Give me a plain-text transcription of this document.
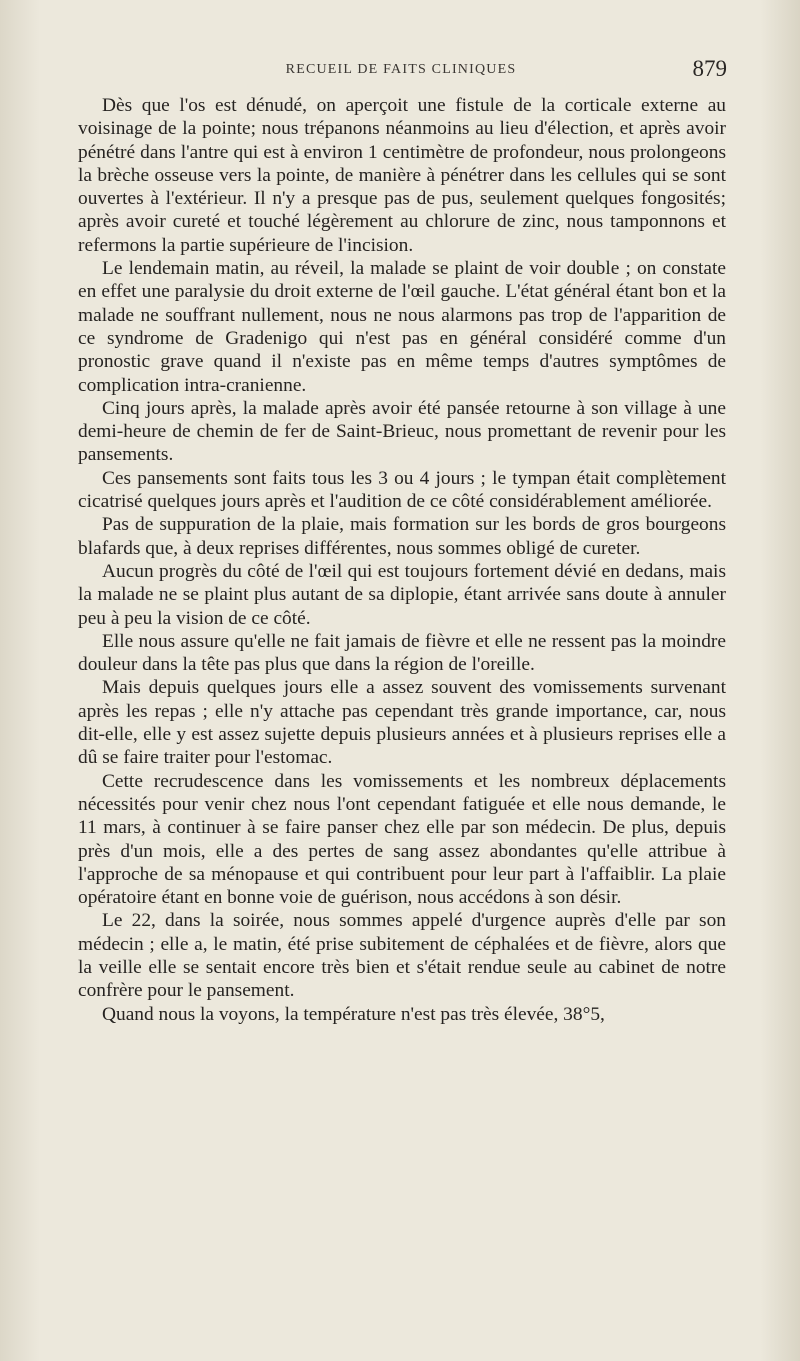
RECUEIL DE FAITS CLINIQUES	879

Dès que l'os est dénudé, on aperçoit une fistule de la corticale externe au voisinage de la pointe; nous trépanons néanmoins au lieu d'élection, et après avoir pénétré dans l'antre qui est à environ 1 centimètre de profondeur, nous prolongeons la brèche osseuse vers la pointe, de manière à pénétrer dans les cellules qui se sont ouvertes à l'extérieur. Il n'y a presque pas de pus, seulement quelques fongosités; après avoir cureté et touché légèrement au chlorure de zinc, nous tamponnons et refermons la partie supérieure de l'incision.

Le lendemain matin, au réveil, la malade se plaint de voir double ; on constate en effet une paralysie du droit externe de l'œil gauche. L'état général étant bon et la malade ne souffrant nullement, nous ne nous alarmons pas trop de l'apparition de ce syndrome de Gradenigo qui n'est pas en général considéré comme d'un pronostic grave quand il n'existe pas en même temps d'autres symptômes de complication intra-cranienne.

Cinq jours après, la malade après avoir été pansée retourne à son village à une demi-heure de chemin de fer de Saint-Brieuc, nous promettant de revenir pour les pansements.

Ces pansements sont faits tous les 3 ou 4 jours ; le tympan était complètement cicatrisé quelques jours après et l'audition de ce côté considérablement améliorée.

Pas de suppuration de la plaie, mais formation sur les bords de gros bourgeons blafards que, à deux reprises différentes, nous sommes obligé de cureter.

Aucun progrès du côté de l'œil qui est toujours fortement dévié en dedans, mais la malade ne se plaint plus autant de sa diplopie, étant arrivée sans doute à annuler peu à peu la vision de ce côté.

Elle nous assure qu'elle ne fait jamais de fièvre et elle ne ressent pas la moindre douleur dans la tête pas plus que dans la région de l'oreille.

Mais depuis quelques jours elle a assez souvent des vomissements survenant après les repas ; elle n'y attache pas cependant très grande importance, car, nous dit-elle, elle y est assez sujette depuis plusieurs années et à plusieurs reprises elle a dû se faire traiter pour l'estomac.

Cette recrudescence dans les vomissements et les nombreux déplacements nécessités pour venir chez nous l'ont cependant fatiguée et elle nous demande, le 11 mars, à continuer à se faire panser chez elle par son médecin. De plus, depuis près d'un mois, elle a des pertes de sang assez abondantes qu'elle attribue à l'approche de sa ménopause et qui contribuent pour leur part à l'affaiblir. La plaie opératoire étant en bonne voie de guérison, nous accédons à son désir.

Le 22, dans la soirée, nous sommes appelé d'urgence auprès d'elle par son médecin ; elle a, le matin, été prise subitement de céphalées et de fièvre, alors que la veille elle se sentait encore très bien et s'était rendue seule au cabinet de notre confrère pour le pansement.

Quand nous la voyons, la température n'est pas très élevée, 38°5,
